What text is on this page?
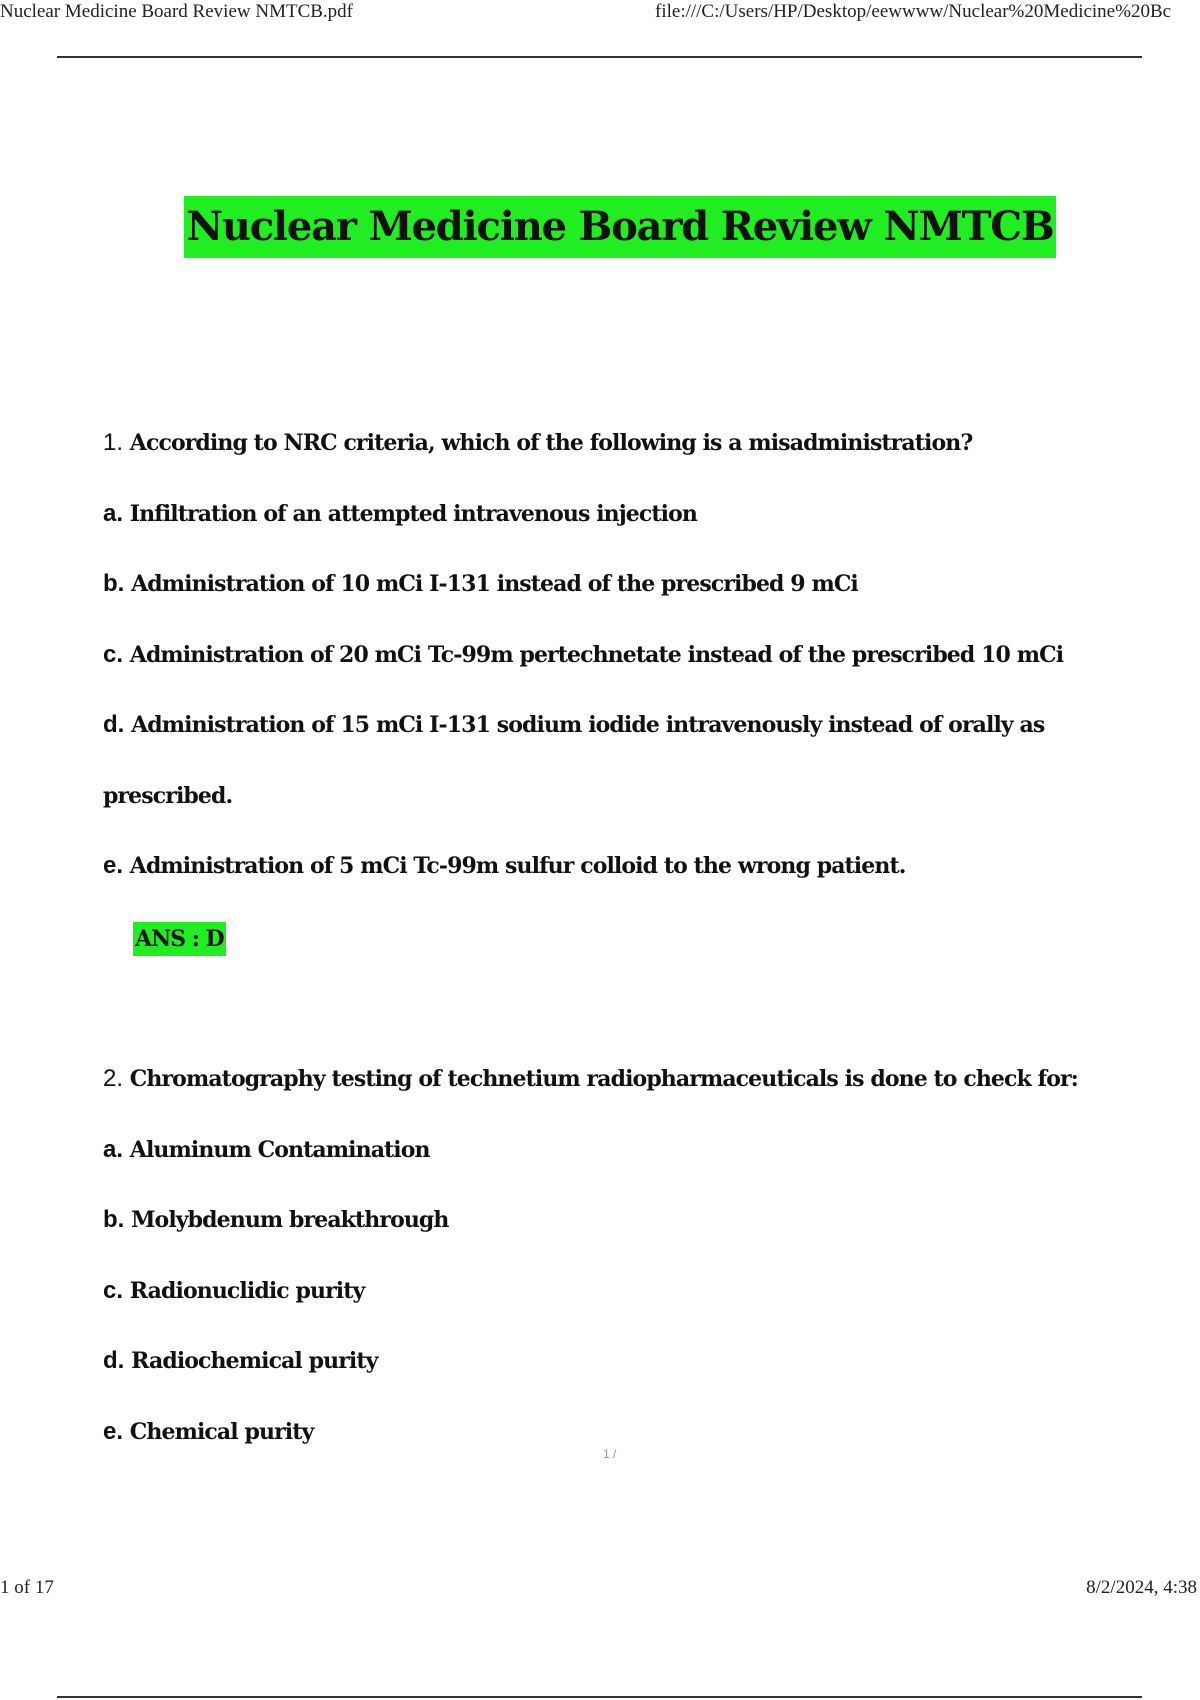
Nuclear Medicine Board Review NMTCB.pdf	file:///C:/Users/HP/Desktop/eewwww/Nuclear%20Medicine%20Bc
Nuclear Medicine Board Review NMTCB
1. According to NRC criteria, which of the following is a misadministration?
a. Infiltration of an attempted intravenous injection
b. Administration of 10 mCi I-131 instead of the prescribed 9 mCi
c. Administration of 20 mCi Tc-99m pertechnetate instead of the prescribed 10 mCi
d. Administration of 15 mCi I-131 sodium iodide intravenously instead of orally as
prescribed.
e. Administration of 5 mCi Tc-99m sulfur colloid to the wrong patient.
ANS : D
2. Chromatography testing of technetium radiopharmaceuticals is done to check for:
a. Aluminum Contamination
b. Molybdenum breakthrough
c. Radionuclidic purity
d. Radiochemical purity
e. Chemical purity
1 /
1 of 17	8/2/2024, 4:38
